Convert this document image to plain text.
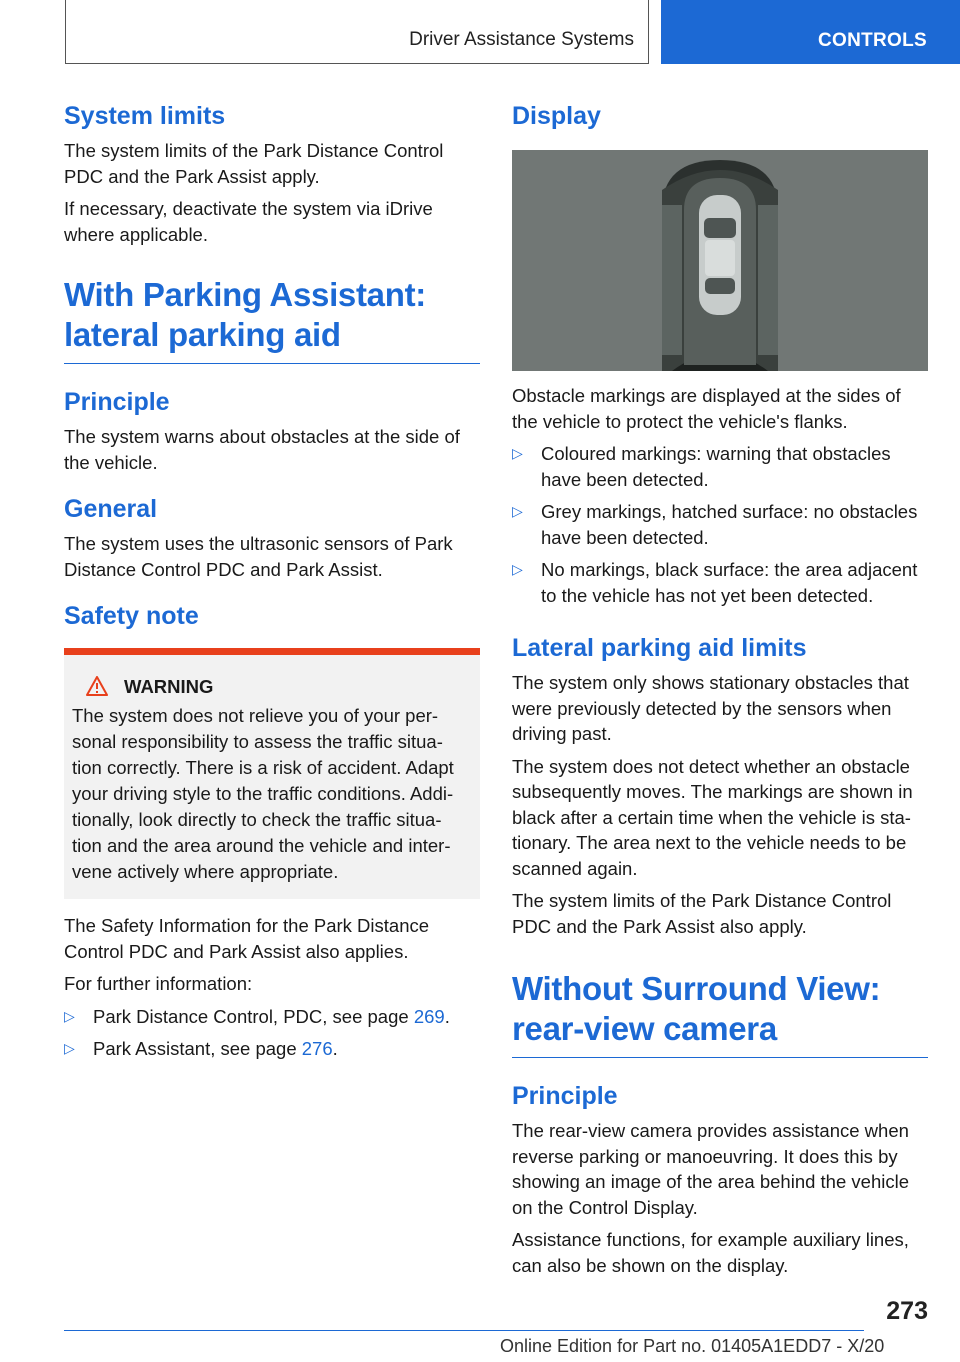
Driver Assistance Systems	CONTROLS
System limits

The system limits of the Park Distance Control PDC and the Park Assist apply.

If necessary, deactivate the system via iDrive where applicable.

With Parking Assistant:
lateral parking aid
Principle

The system warns about obstacles at the side of the vehicle.

General

The system uses the ultrasonic sensors of Park Distance Control PDC and Park Assist.

Safety note
WARNING
The system does not relieve you of your per-
sonal responsibility to assess the traffic situa-
tion correctly. There is a risk of accident. Adapt
your driving style to the traffic conditions. Addi-
tionally, look directly to check the traffic situa-
tion and the area around the vehicle and inter-
vene actively where appropriate.

The Safety Information for the Park Distance Control PDC and Park Assist also applies.

For further information:

▷ Park Distance Control, PDC, see page 269.
▷ Park Assistant, see page 276.
Display

Obstacle markings are displayed at the sides of the vehicle to protect the vehicle's flanks.

▷ Coloured markings: warning that obstacles have been detected.
▷ Grey markings, hatched surface: no obstacles have been detected.
▷ No markings, black surface: the area adjacent to the vehicle has not yet been detected.
Lateral parking aid limits

The system only shows stationary obstacles that were previously detected by the sensors when driving past.

The system does not detect whether an obstacle subsequently moves. The markings are shown in black after a certain time when the vehicle is sta-tionary. The area next to the vehicle needs to be scanned again.

The system limits of the Park Distance Control PDC and the Park Assist also apply.

Without Surround View:
rear-view camera
Principle

The rear-view camera provides assistance when reverse parking or manoeuvring. It does this by showing an image of the area behind the vehicle on the Control Display.

Assistance functions, for example auxiliary lines, can also be shown on the display.

273
Online Edition for Part no. 01405A1EDD7 - X/20
